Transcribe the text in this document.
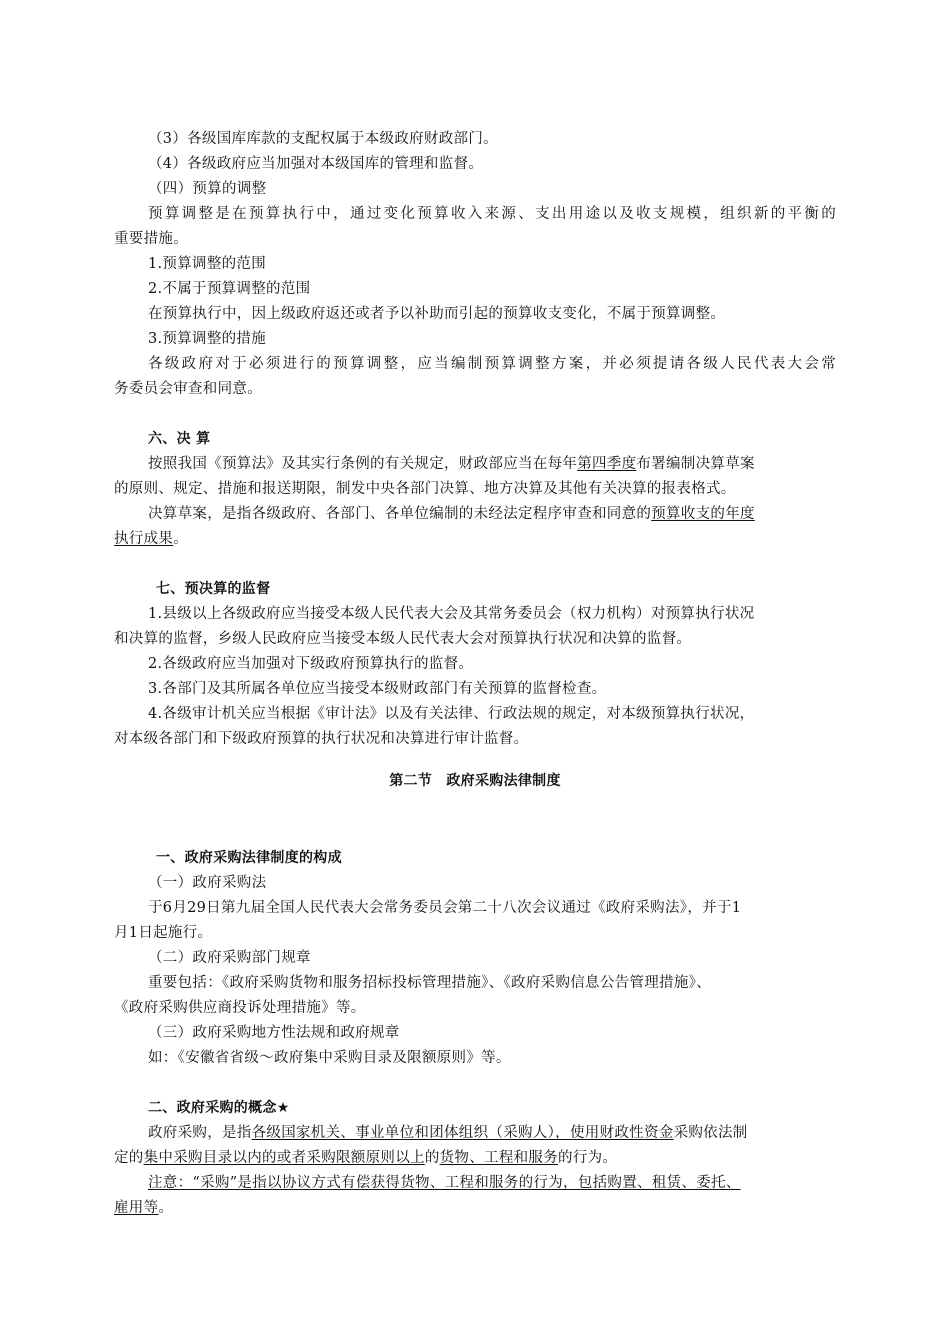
（3）各级国库库款的支配权属于本级政府财政部门。
（4）各级政府应当加强对本级国库的管理和监督。
（四）预算的调整
预算调整是在预算执行中，通过变化预算收入来源、支出用途以及收支规模，组织新的平衡的
重要措施。
1.预算调整的范围
2.不属于预算调整的范围
在预算执行中，因上级政府返还或者予以补助而引起的预算收支变化，不属于预算调整。
3.预算调整的措施
各级政府对于必须进行的预算调整，应当编制预算调整方案，并必须提请各级人民代表大会常
务委员会审查和同意。
六、决 算
按照我国《预算法》及其实行条例的有关规定，财政部应当在每年第四季度布署编制决算草案
的原则、规定、措施和报送期限，制发中央各部门决算、地方决算及其他有关决算的报表格式。
决算草案，是指各级政府、各部门、各单位编制的未经法定程序审查和同意的预算收支的年度
执行成果。
七、预决算的监督
1.县级以上各级政府应当接受本级人民代表大会及其常务委员会（权力机构）对预算执行状况
和决算的监督，乡级人民政府应当接受本级人民代表大会对预算执行状况和决算的监督。
2.各级政府应当加强对下级政府预算执行的监督。
3.各部门及其所属各单位应当接受本级财政部门有关预算的监督检查。
4.各级审计机关应当根据《审计法》以及有关法律、行政法规的规定，对本级预算执行状况，
对本级各部门和下级政府预算的执行状况和决算进行审计监督。
第二节　政府采购法律制度
一、政府采购法律制度的构成
（一）政府采购法
于6月29日第九届全国人民代表大会常务委员会第二十八次会议通过《政府采购法》，并于1
月1日起施行。
（二）政府采购部门规章
重要包括：《政府采购货物和服务招标投标管理措施》、《政府采购信息公告管理措施》、
《政府采购供应商投诉处理措施》等。
（三）政府采购地方性法规和政府规章
如：《安徽省省级～政府集中采购目录及限额原则》等。
二、政府采购的概念★
政府采购，是指各级国家机关、事业单位和团体组织（采购人），使用财政性资金采购依法制
定的集中采购目录以内的或者采购限额原则以上的货物、工程和服务的行为。
注意：“采购”是指以协议方式有偿获得货物、工程和服务的行为，包括购置、租赁、委托、
雇用等。
